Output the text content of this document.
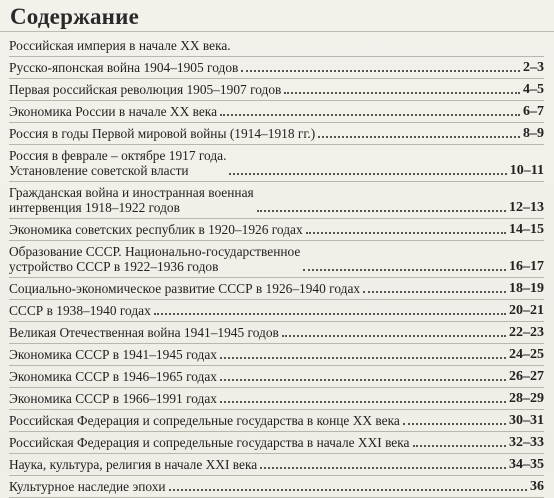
Содержание
Российская империя в начале XX века.
Русско-японская война 1904–1905 годов	2–3
Первая российская революция 1905–1907 годов	4–5
Экономика России в начале XX века	6–7
Россия в годы Первой мировой войны (1914–1918 гг.)	8–9
Россия в феврале – октябре 1917 года.
Установление советской власти	10–11
Гражданская война и иностранная военная
интервенция 1918–1922 годов	12–13
Экономика советских республик в 1920–1926 годах	14–15
Образование СССР. Национально-государственное
устройство СССР в 1922–1936 годов	16–17
Социально-экономическое развитие СССР в 1926–1940 годах	18–19
СССР в 1938–1940 годах	20–21
Великая Отечественная война 1941–1945 годов	22–23
Экономика СССР в 1941–1945 годах	24–25
Экономика СССР в 1946–1965 годах	26–27
Экономика СССР в 1966–1991 годах	28–29
Российская Федерация и сопредельные государства в конце XX века	30–31
Российская Федерация и сопредельные государства в начале XXI века	32–33
Наука, культура, религия в начале XXI века	34–35
Культурное наследие эпохи	36
